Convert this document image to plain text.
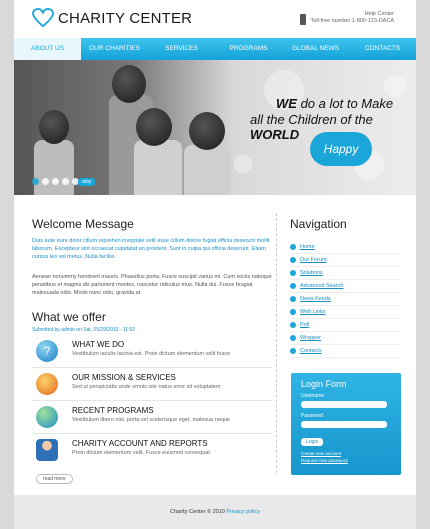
CHARITY CENTER	Help Center
Toll-free number 1-800-123-DACA
ABOUT US	OUR CHARITIES	SERVICES	PROGRAMS	GLOBAL NEWS	CONTACTS
WE do a lot to Make
all the Children of the WORLD
Happy
stop
Welcome Message
Duis aute irure dolor cillum reprehen invoptate velit esse cillum dolore fugiat officia deserunt mollit laborum. Excepteur sint occaecat cupidatat an proident. Sunt in culpa qui officia deserunt. Etiam cursus leo vel metus. Nulla facilisi.
Aenean nonummy hendrerit mauris. Phasellus porta. Fusce suscipit varius mi. Cum sociis natoque penatibus et magnis dis parturient montes, nascetur ridiculus mus. Nulla dui. Fusce feugiat malesuada odio. Morbi nunc odio, gravida at.
What we offer
Submited by admin on Sat, 05/29/2010 - 11:52
?	WHAT WE DO
Vestibulum iaculis lacinia est. Proin dictum elementum velit fusce
OUR MISSION & SERVICES
Sed ut perspiciatis unde omnis iste natus error sit voluptatem
RECENT PROGRAMS
Vestibulum libero nisl, porta vel scelerisque eget, malesua neque
CHARITY ACCOUNT AND REPORTS
Proin dictum elementum velit. Fusce euismod consequat
read more
Navigation
Home
Our Forum
Solutions
Advanced Search
News Feeds
Web Links
Poll
Wrapper
Contacts
Login Form
Username
Password
Login
Create new account
Request new password
Charity Center © 2010 Privacy policy
